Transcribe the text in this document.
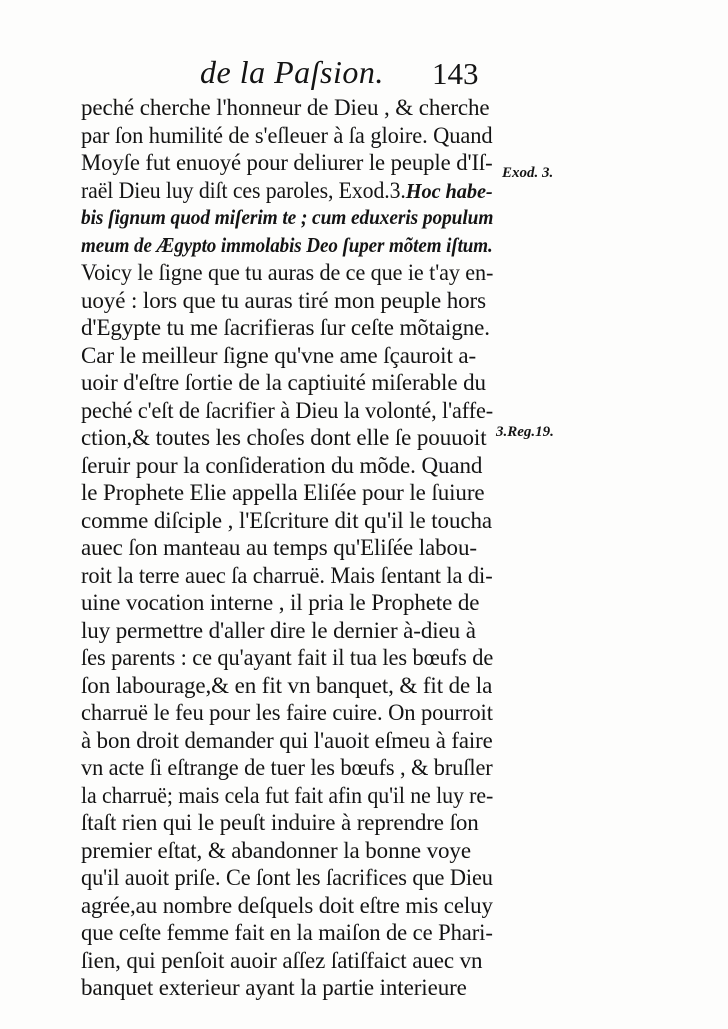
de la Paſsion. 143
Exod. 3.
3.Reg.19.
peché cherche l'honneur de Dieu , & cherche
par ſon humilité de s'eſleuer à ſa gloire. Quand
Moyſe fut enuoyé pour deliurer le peuple d'Iſ-
raël Dieu luy diſt ces paroles, Exod.3.Hoc habe-
bis ſignum quod miſerim te ; cum eduxeris populum
meum de Ægypto immolabis Deo ſuper mõtem iſtum.
Voicy le ſigne que tu auras de ce que ie t'ay en-
uoyé : lors que tu auras tiré mon peuple hors
d'Egypte tu me ſacrifieras ſur ceſte mõtaigne.
Car le meilleur ſigne qu'vne ame ſçauroit a-
uoir d'eſtre ſortie de la captiuité miſerable du
peché c'eſt de ſacrifier à Dieu la volonté, l'affe-
ction,& toutes les choſes dont elle ſe pouuoit
ſeruir pour la conſideration du mõde. Quand
le Prophete Elie appella Eliſée pour le ſuiure
comme diſciple , l'Eſcriture dit qu'il le toucha
auec ſon manteau au temps qu'Eliſée labou-
roit la terre auec ſa charruë. Mais ſentant la di-
uine vocation interne , il pria le Prophete de
luy permettre d'aller dire le dernier à-dieu à
ſes parents : ce qu'ayant fait il tua les bœufs de
ſon labourage,& en fit vn banquet, & fit de la
charruë le feu pour les faire cuire. On pourroit
à bon droit demander qui l'auoit eſmeu à faire
vn acte ſi eſtrange de tuer les bœufs , & bruſler
la charruë; mais cela fut fait afin qu'il ne luy re-
ſtaſt rien qui le peuſt induire à reprendre ſon
premier eſtat, & abandonner la bonne voye
qu'il auoit priſe. Ce ſont les ſacrifices que Dieu
agrée,au nombre deſquels doit eſtre mis celuy
que ceſte femme fait en la maiſon de ce Phari-
ſien, qui penſoit auoir aſſez ſatiſfaict auec vn
banquet exterieur ayant la partie interieure
